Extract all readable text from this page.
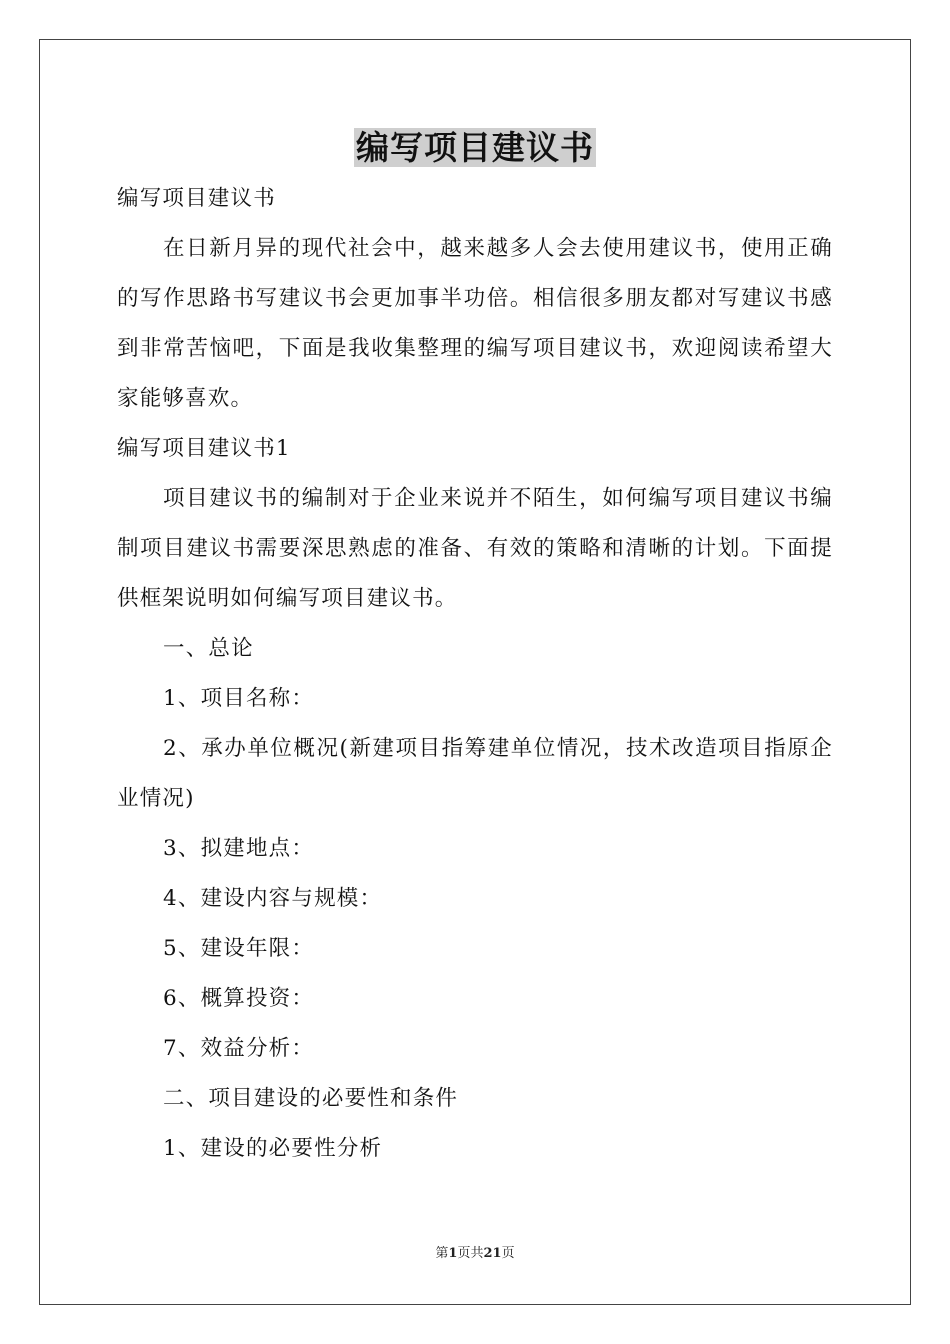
编写项目建议书

编写项目建议书

在日新月异的现代社会中，越来越多人会去使用建议书，使用正确的写作思路书写建议书会更加事半功倍。相信很多朋友都对写建议书感到非常苦恼吧，下面是我收集整理的编写项目建议书，欢迎阅读希望大家能够喜欢。

编写项目建议书1

项目建议书的编制对于企业来说并不陌生，如何编写项目建议书编制项目建议书需要深思熟虑的准备、有效的策略和清晰的计划。下面提供框架说明如何编写项目建议书。

一、总论

1、项目名称：

2、承办单位概况(新建项目指筹建单位情况，技术改造项目指原企业情况)

3、拟建地点：

4、建设内容与规模：

5、建设年限：

6、概算投资：

7、效益分析：

二、项目建设的必要性和条件

1、建设的必要性分析

第1页共21页
